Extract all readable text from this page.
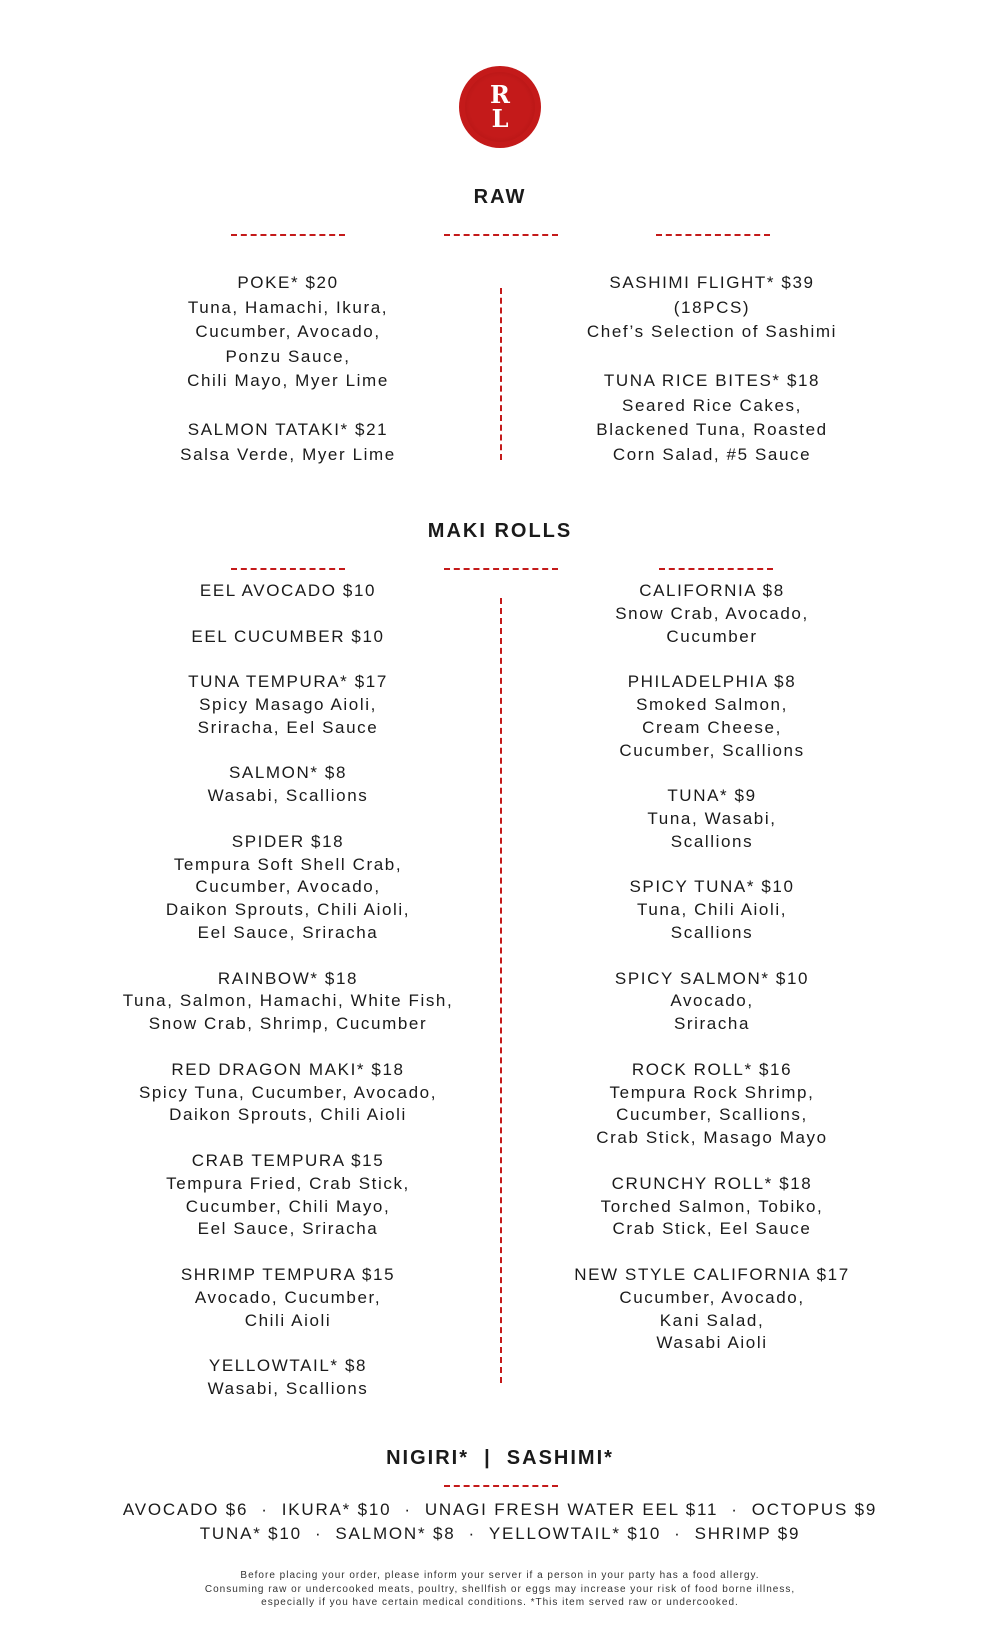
R
L
RAW
POKE* $20
Tuna, Hamachi, Ikura,
Cucumber, Avocado,
Ponzu Sauce,
Chili Mayo, Myer Lime
SALMON TATAKI* $21
Salsa Verde, Myer Lime
SASHIMI FLIGHT* $39
(18PCS)
Chef’s Selection of Sashimi
TUNA RICE BITES* $18
Seared Rice Cakes,
Blackened Tuna, Roasted
Corn Salad, #5 Sauce
MAKI ROLLS
EEL AVOCADO $10
EEL CUCUMBER $10
TUNA TEMPURA* $17
Spicy Masago Aioli,
Sriracha, Eel Sauce
SALMON* $8
Wasabi, Scallions
SPIDER $18
Tempura Soft Shell Crab,
Cucumber, Avocado,
Daikon Sprouts, Chili Aioli,
Eel Sauce, Sriracha
RAINBOW* $18
Tuna, Salmon, Hamachi, White Fish,
Snow Crab, Shrimp, Cucumber
RED DRAGON MAKI* $18
Spicy Tuna, Cucumber, Avocado,
Daikon Sprouts, Chili Aioli
CRAB TEMPURA $15
Tempura Fried, Crab Stick,
Cucumber, Chili Mayo,
Eel Sauce, Sriracha
SHRIMP TEMPURA $15
Avocado, Cucumber,
Chili Aioli
YELLOWTAIL* $8
Wasabi, Scallions
CALIFORNIA $8
Snow Crab, Avocado,
Cucumber
PHILADELPHIA $8
Smoked Salmon,
Cream Cheese,
Cucumber, Scallions
TUNA* $9
Tuna, Wasabi,
Scallions
SPICY TUNA* $10
Tuna, Chili Aioli,
Scallions
SPICY SALMON* $10
Avocado,
Sriracha
ROCK ROLL* $16
Tempura Rock Shrimp,
Cucumber, Scallions,
Crab Stick, Masago Mayo
CRUNCHY ROLL* $18
Torched Salmon, Tobiko,
Crab Stick, Eel Sauce
NEW STYLE CALIFORNIA $17
Cucumber, Avocado,
Kani Salad,
Wasabi Aioli
NIGIRI*  |  SASHIMI*
AVOCADO $6 · IKURA* $10 · UNAGI FRESH WATER EEL $11 · OCTOPUS $9
TUNA* $10 · SALMON* $8 · YELLOWTAIL* $10 · SHRIMP $9
Before placing your order, please inform your server if a person in your party has a food allergy.
Consuming raw or undercooked meats, poultry, shellfish or eggs may increase your risk of food borne illness,
especially if you have certain medical conditions. *This item served raw or undercooked.
